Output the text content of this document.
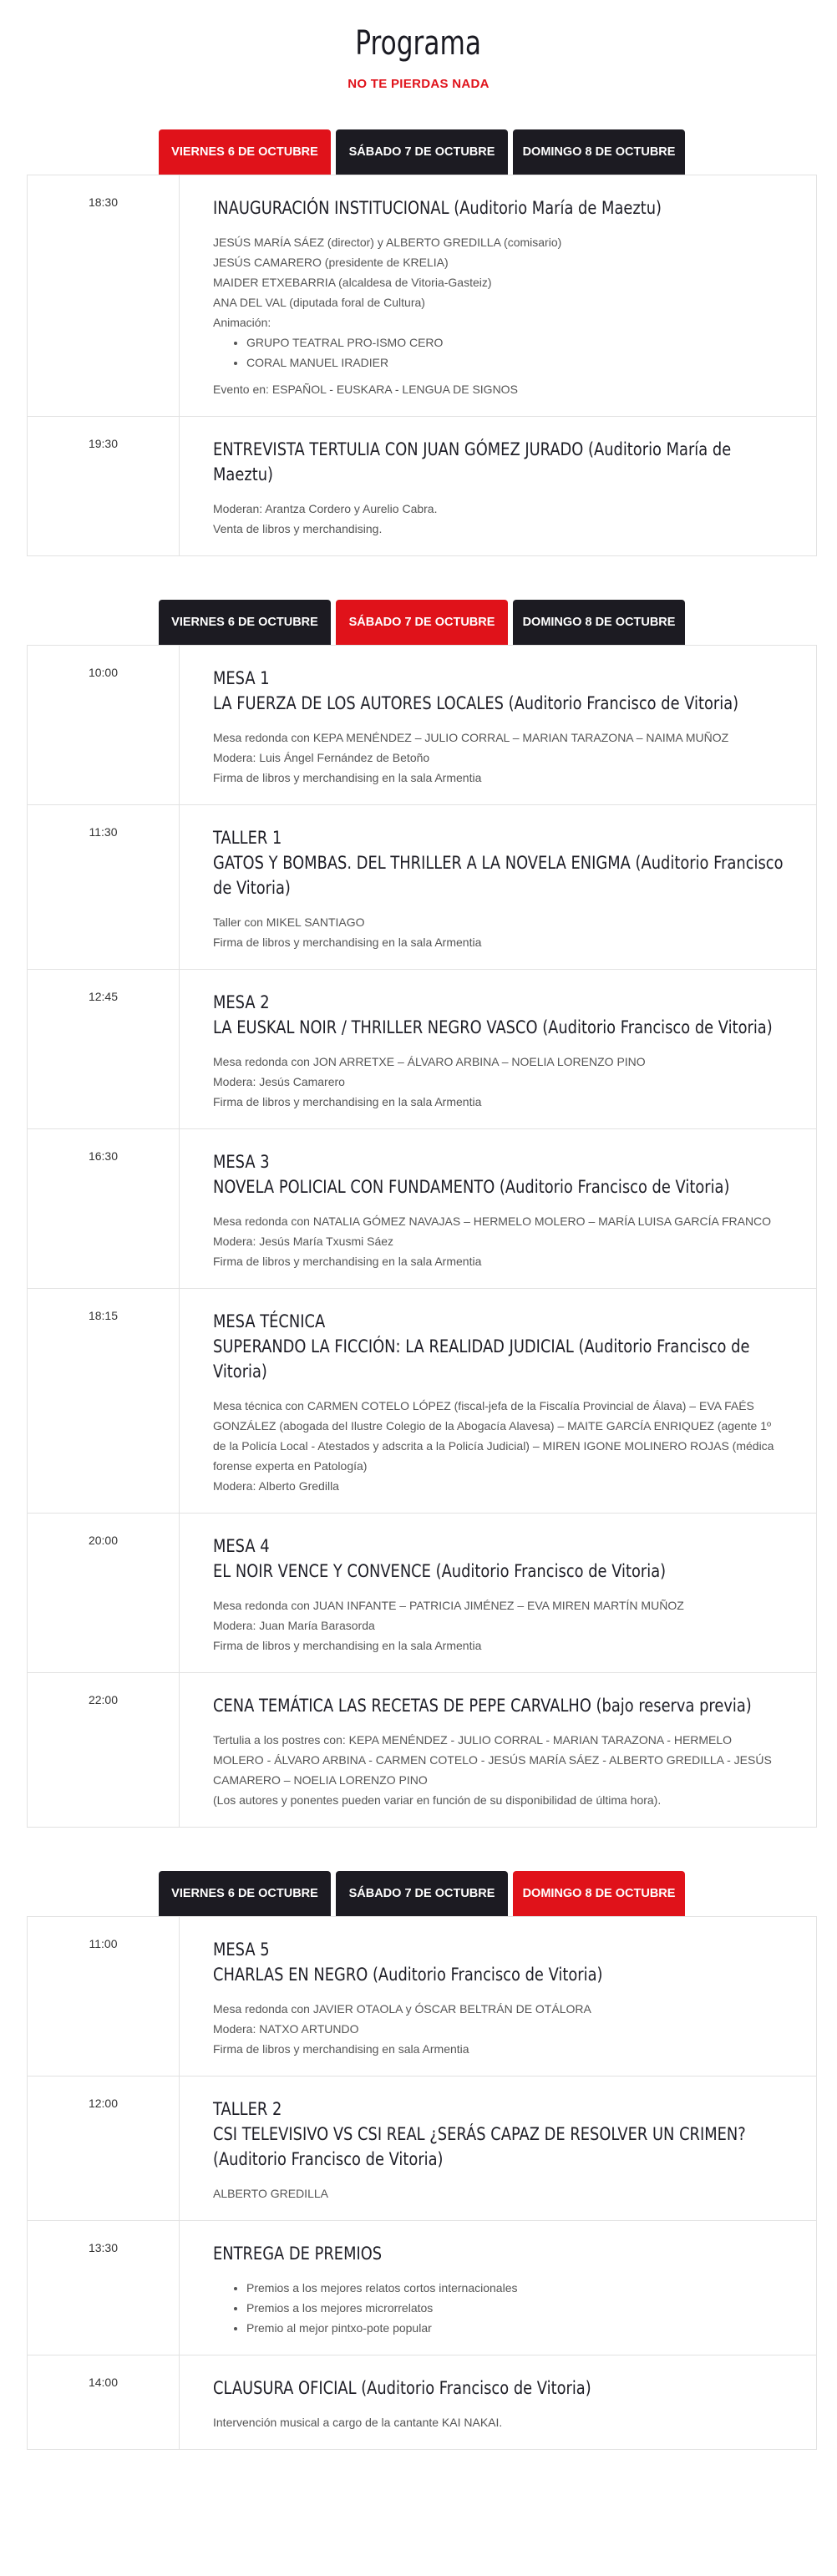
Programa
NO TE PIERDAS NADA
VIERNES 6 DE OCTUBRE	SÁBADO 7 DE OCTUBRE	DOMINGO 8 DE OCTUBRE
18:30	INAUGURACIÓN INSTITUCIONAL (Auditorio María de Maeztu)
JESÚS MARÍA SÁEZ (director) y ALBERTO GREDILLA (comisario)
JESÚS CAMARERO (presidente de KRELIA)
MAIDER ETXEBARRIA (alcaldesa de Vitoria-Gasteiz)
ANA DEL VAL (diputada foral de Cultura)
Animación:
• GRUPO TEATRAL PRO-ISMO CERO
• CORAL MANUEL IRADIER
Evento en: ESPAÑOL - EUSKARA - LENGUA DE SIGNOS
19:30	ENTREVISTA TERTULIA CON JUAN GÓMEZ JURADO (Auditorio María de Maeztu)
Moderan: Arantza Cordero y Aurelio Cabra.
Venta de libros y merchandising.
VIERNES 6 DE OCTUBRE	SÁBADO 7 DE OCTUBRE	DOMINGO 8 DE OCTUBRE
10:00	MESA 1
LA FUERZA DE LOS AUTORES LOCALES (Auditorio Francisco de Vitoria)
Mesa redonda con KEPA MENÉNDEZ – JULIO CORRAL – MARIAN TARAZONA – NAIMA MUÑOZ
Modera: Luis Ángel Fernández de Betoño
Firma de libros y merchandising en la sala Armentia
11:30	TALLER 1
GATOS Y BOMBAS. DEL THRILLER A LA NOVELA ENIGMA (Auditorio Francisco de Vitoria)
Taller con MIKEL SANTIAGO
Firma de libros y merchandising en la sala Armentia
12:45	MESA 2
LA EUSKAL NOIR / THRILLER NEGRO VASCO (Auditorio Francisco de Vitoria)
Mesa redonda con JON ARRETXE – ÁLVARO ARBINA – NOELIA LORENZO PINO
Modera: Jesús Camarero
Firma de libros y merchandising en la sala Armentia
16:30	MESA 3
NOVELA POLICIAL CON FUNDAMENTO (Auditorio Francisco de Vitoria)
Mesa redonda con NATALIA GÓMEZ NAVAJAS – HERMELO MOLERO – MARÍA LUISA GARCÍA FRANCO
Modera: Jesús María Txusmi Sáez
Firma de libros y merchandising en la sala Armentia
18:15	MESA TÉCNICA
SUPERANDO LA FICCIÓN: LA REALIDAD JUDICIAL (Auditorio Francisco de Vitoria)
Mesa técnica con CARMEN COTELO LÓPEZ (fiscal-jefa de la Fiscalía Provincial de Álava) – EVA FAÉS GONZÁLEZ (abogada del Ilustre Colegio de la Abogacía Alavesa) – MAITE GARCÍA ENRIQUEZ (agente 1º de la Policía Local - Atestados y adscrita a la Policía Judicial) – MIREN IGONE MOLINERO ROJAS (médica forense experta en Patología)
Modera: Alberto Gredilla
20:00	MESA 4
EL NOIR VENCE Y CONVENCE (Auditorio Francisco de Vitoria)
Mesa redonda con JUAN INFANTE – PATRICIA JIMÉNEZ – EVA MIREN MARTÍN MUÑOZ
Modera: Juan María Barasorda
Firma de libros y merchandising en la sala Armentia
22:00	CENA TEMÁTICA LAS RECETAS DE PEPE CARVALHO (bajo reserva previa)
Tertulia a los postres con: KEPA MENÉNDEZ - JULIO CORRAL - MARIAN TARAZONA - HERMELO MOLERO - ÁLVARO ARBINA - CARMEN COTELO - JESÚS MARÍA SÁEZ - ALBERTO GREDILLA - JESÚS CAMARERO – NOELIA LORENZO PINO
(Los autores y ponentes pueden variar en función de su disponibilidad de última hora).
VIERNES 6 DE OCTUBRE	SÁBADO 7 DE OCTUBRE	DOMINGO 8 DE OCTUBRE
11:00	MESA 5
CHARLAS EN NEGRO (Auditorio Francisco de Vitoria)
Mesa redonda con JAVIER OTAOLA y ÓSCAR BELTRÁN DE OTÁLORA
Modera: NATXO ARTUNDO
Firma de libros y merchandising en sala Armentia
12:00	TALLER 2
CSI TELEVISIVO VS CSI REAL ¿SERÁS CAPAZ DE RESOLVER UN CRIMEN? (Auditorio Francisco de Vitoria)
ALBERTO GREDILLA
13:30	ENTREGA DE PREMIOS
• Premios a los mejores relatos cortos internacionales
• Premios a los mejores microrrelatos
• Premio al mejor pintxo-pote popular
14:00	CLAUSURA OFICIAL (Auditorio Francisco de Vitoria)
Intervención musical a cargo de la cantante KAI NAKAI.
